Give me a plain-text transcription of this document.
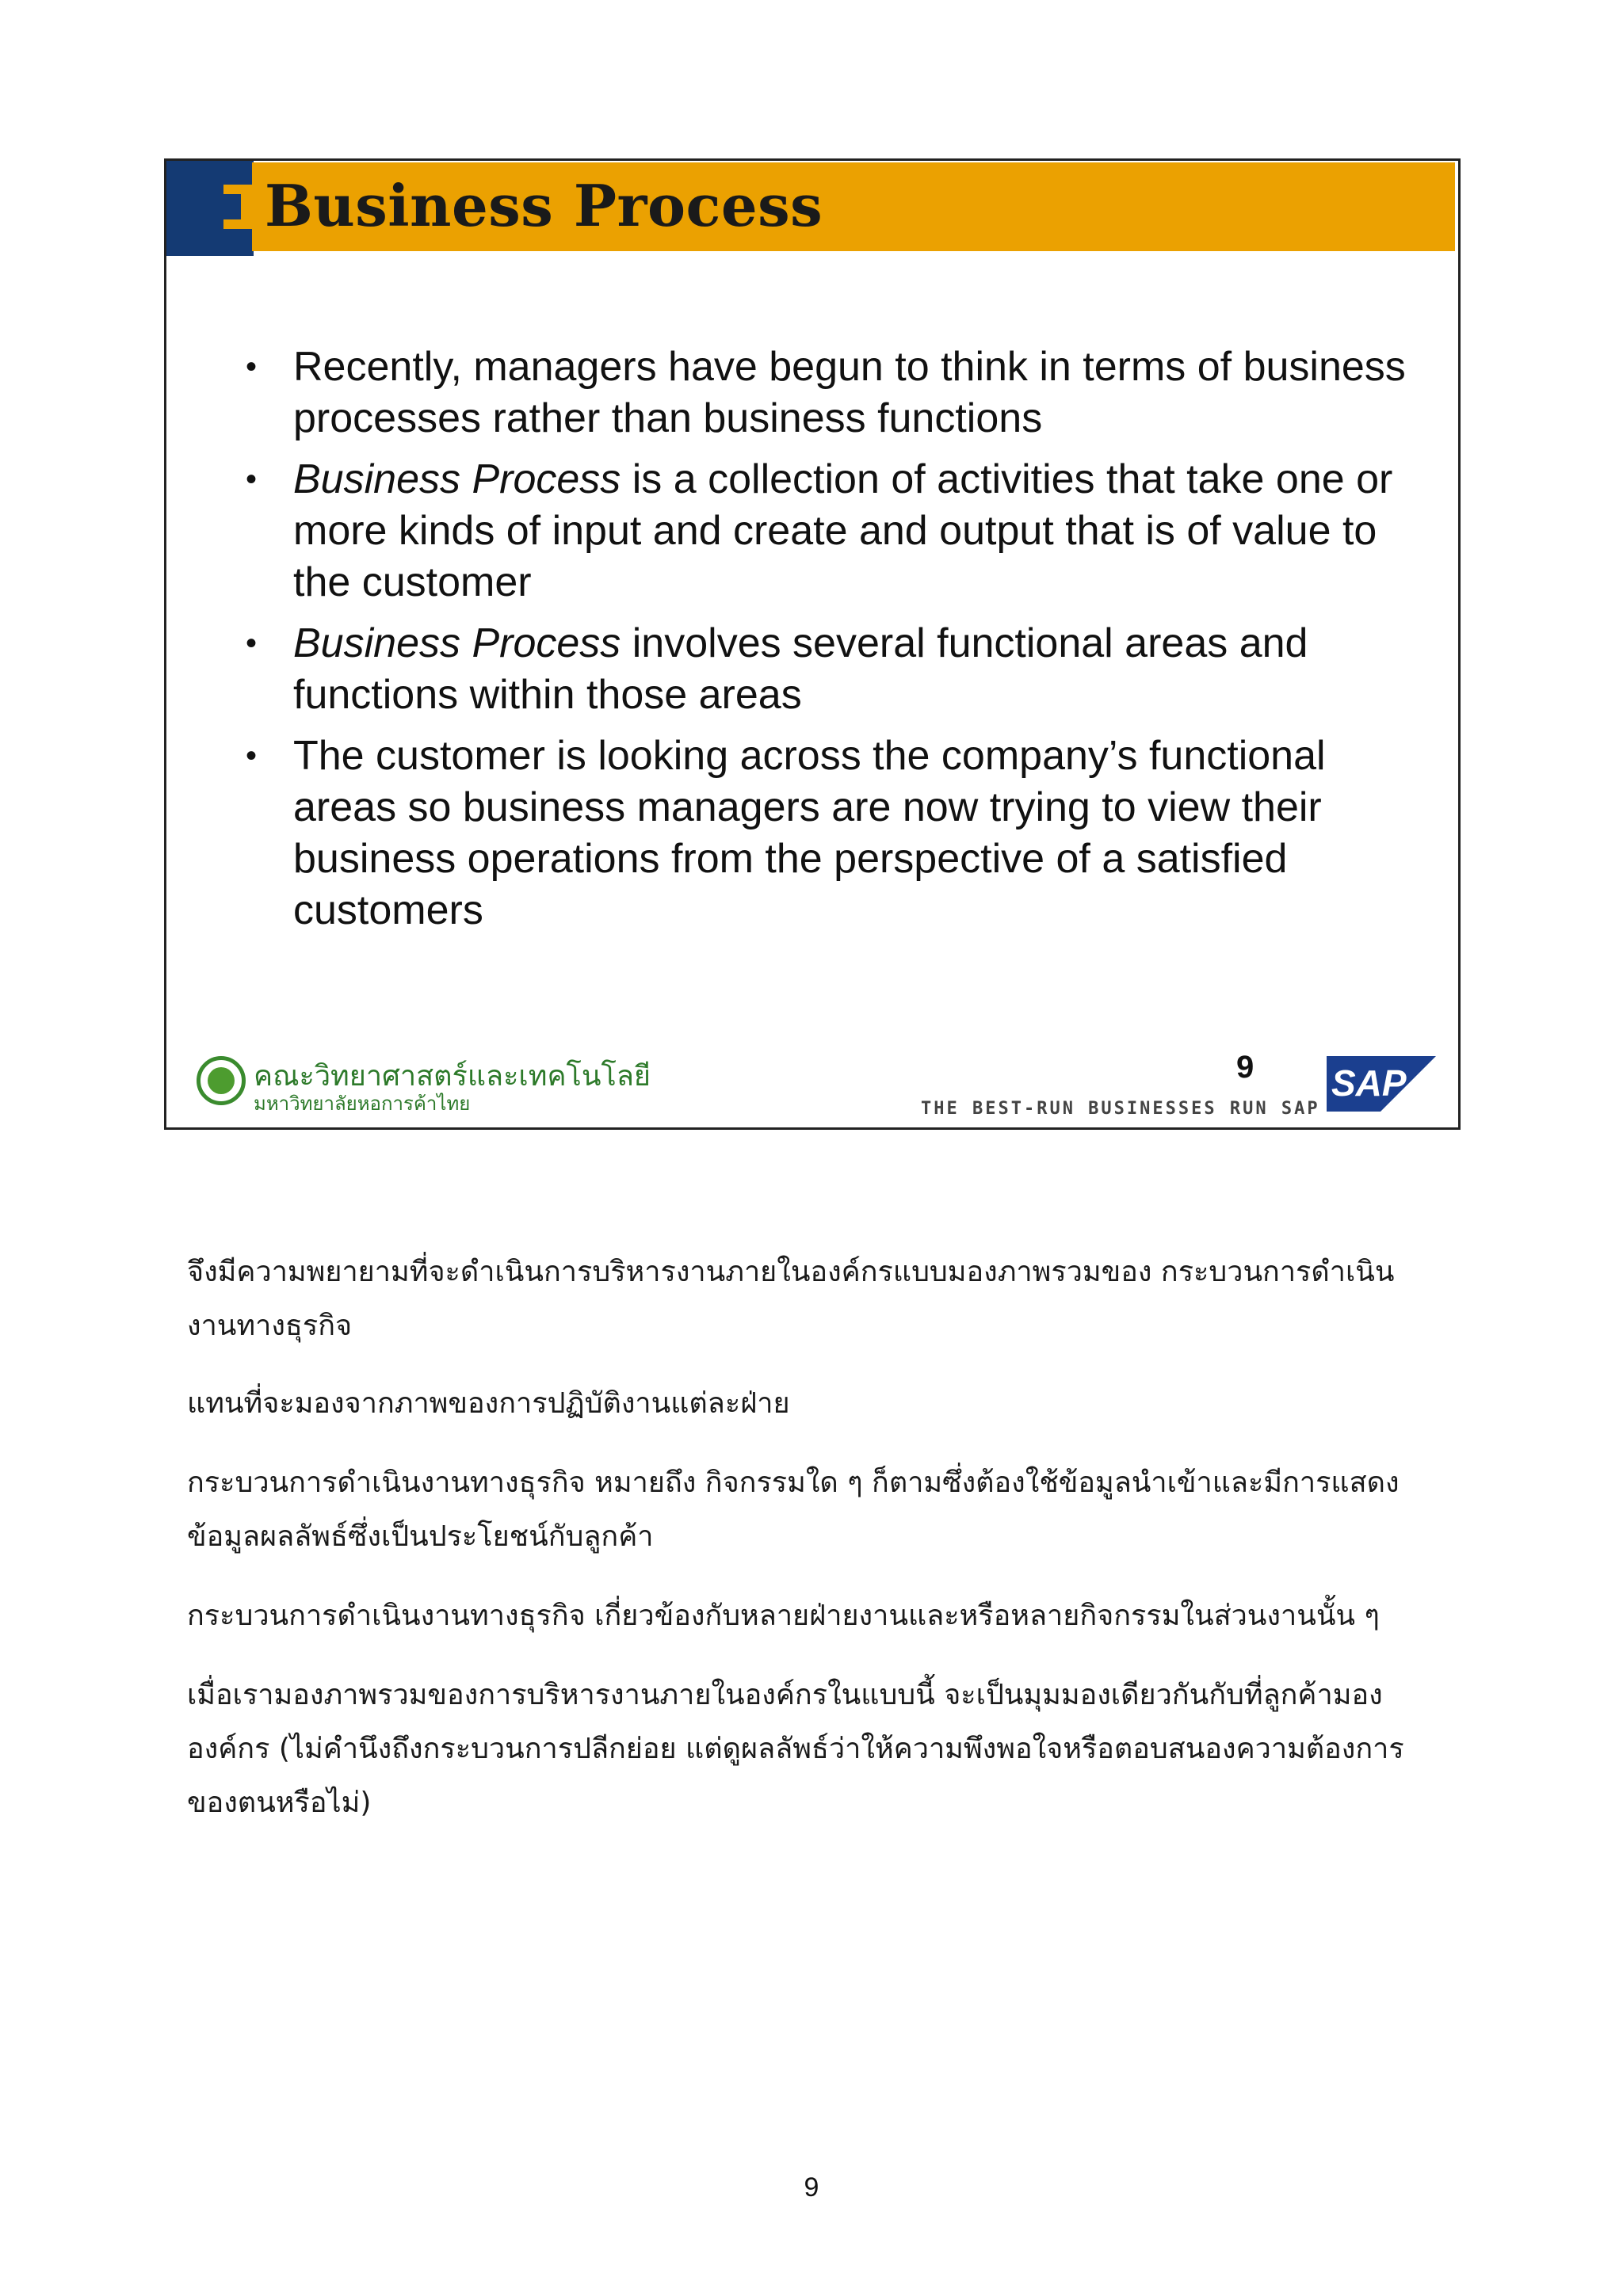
Business Process
• Recently, managers have begun to think in terms of business processes rather than business functions
• Business Process is a collection of activities that take one or more kinds of input and create and output that is of value to the customer
• Business Process involves several functional areas and functions within those areas
• The customer is looking across the company’s functional areas so business managers are now trying to view their business operations from the perspective of a satisfied customers
คณะวิทยาศาสตร์และเทคโนโลยี
มหาวิทยาลัยหอการค้าไทย
9
THE BEST-RUN BUSINESSES RUN SAP
SAP

จึงมีความพยายามที่จะดำเนินการบริหารงานภายในองค์กรแบบมองภาพรวมของ กระบวนการดำเนินงานทางธุรกิจ

แทนที่จะมองจากภาพของการปฏิบัติงานแต่ละฝ่าย

กระบวนการดำเนินงานทางธุรกิจ หมายถึง กิจกรรมใด ๆ ก็ตามซึ่งต้องใช้ข้อมูลนำเข้าและมีการแสดงข้อมูลผลลัพธ์ซึ่งเป็นประโยชน์กับลูกค้า

กระบวนการดำเนินงานทางธุรกิจ เกี่ยวข้องกับหลายฝ่ายงานและหรือหลายกิจกรรมในส่วนงานนั้น ๆ

เมื่อเรามองภาพรวมของการบริหารงานภายในองค์กรในแบบนี้ จะเป็นมุมมองเดียวกันกับที่ลูกค้ามององค์กร (ไม่คำนึงถึงกระบวนการปลีกย่อย แต่ดูผลลัพธ์ว่าให้ความพึงพอใจหรือตอบสนองความต้องการของตนหรือไม่)

9
